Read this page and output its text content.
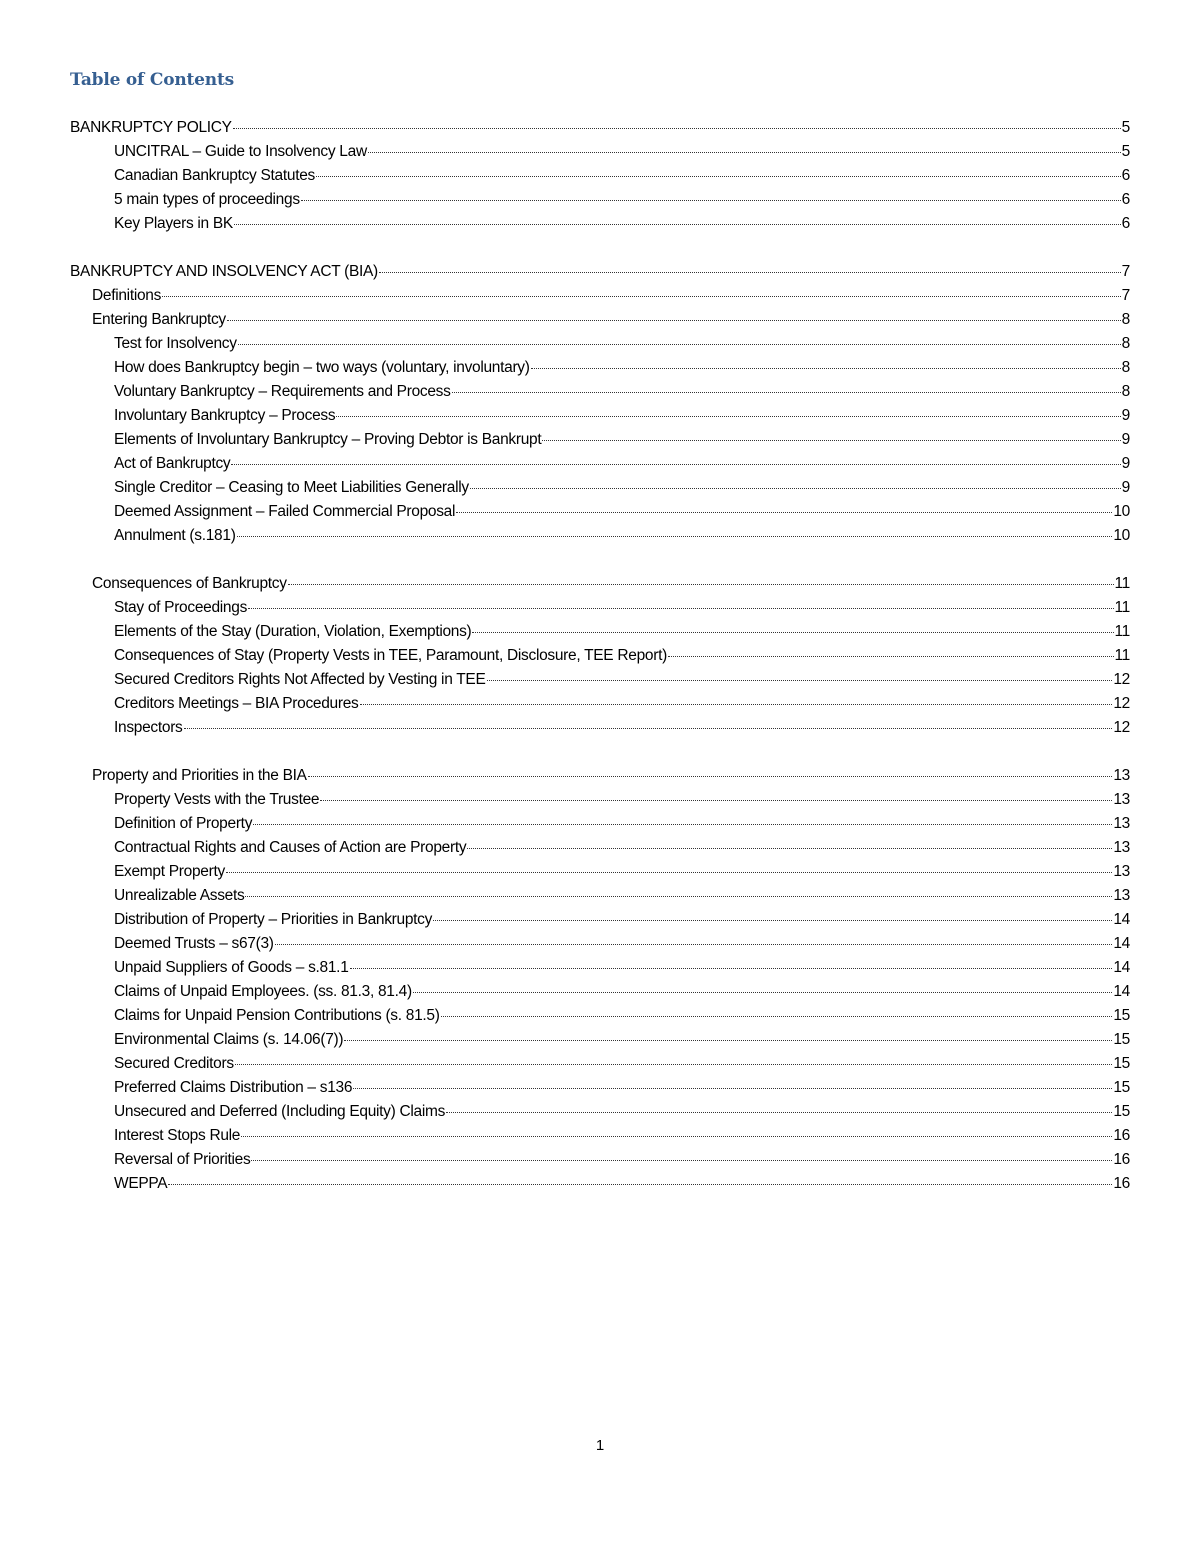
Table of Contents
BANKRUPTCY POLICY	5
UNCITRAL – Guide to Insolvency Law	5
Canadian Bankruptcy Statutes	6
5 main types of proceedings	6
Key Players in BK	6
BANKRUPTCY AND INSOLVENCY ACT (BIA)	7
Definitions	7
Entering Bankruptcy	8
Test for Insolvency	8
How does Bankruptcy begin – two ways (voluntary, involuntary)	8
Voluntary Bankruptcy – Requirements and Process	8
Involuntary Bankruptcy – Process	9
Elements of Involuntary Bankruptcy – Proving Debtor is Bankrupt	9
Act of Bankruptcy	9
Single Creditor – Ceasing to Meet Liabilities Generally	9
Deemed Assignment – Failed Commercial Proposal	10
Annulment (s.181)	10
Consequences of Bankruptcy	11
Stay of Proceedings	11
Elements of the Stay (Duration, Violation, Exemptions)	11
Consequences of Stay (Property Vests in TEE, Paramount, Disclosure, TEE Report)	11
Secured Creditors Rights Not Affected by Vesting in TEE	12
Creditors Meetings – BIA Procedures	12
Inspectors	12
Property and Priorities in the BIA	13
Property Vests with the Trustee	13
Definition of Property	13
Contractual Rights and Causes of Action are Property	13
Exempt Property	13
Unrealizable Assets	13
Distribution of Property – Priorities in Bankruptcy	14
Deemed Trusts – s67(3)	14
Unpaid Suppliers of Goods – s.81.1	14
Claims of Unpaid Employees. (ss. 81.3, 81.4)	14
Claims for Unpaid Pension Contributions (s. 81.5)	15
Environmental Claims (s. 14.06(7))	15
Secured Creditors	15
Preferred Claims Distribution – s136	15
Unsecured and Deferred (Including Equity) Claims	15
Interest Stops Rule	16
Reversal of Priorities	16
WEPPA	16
1
